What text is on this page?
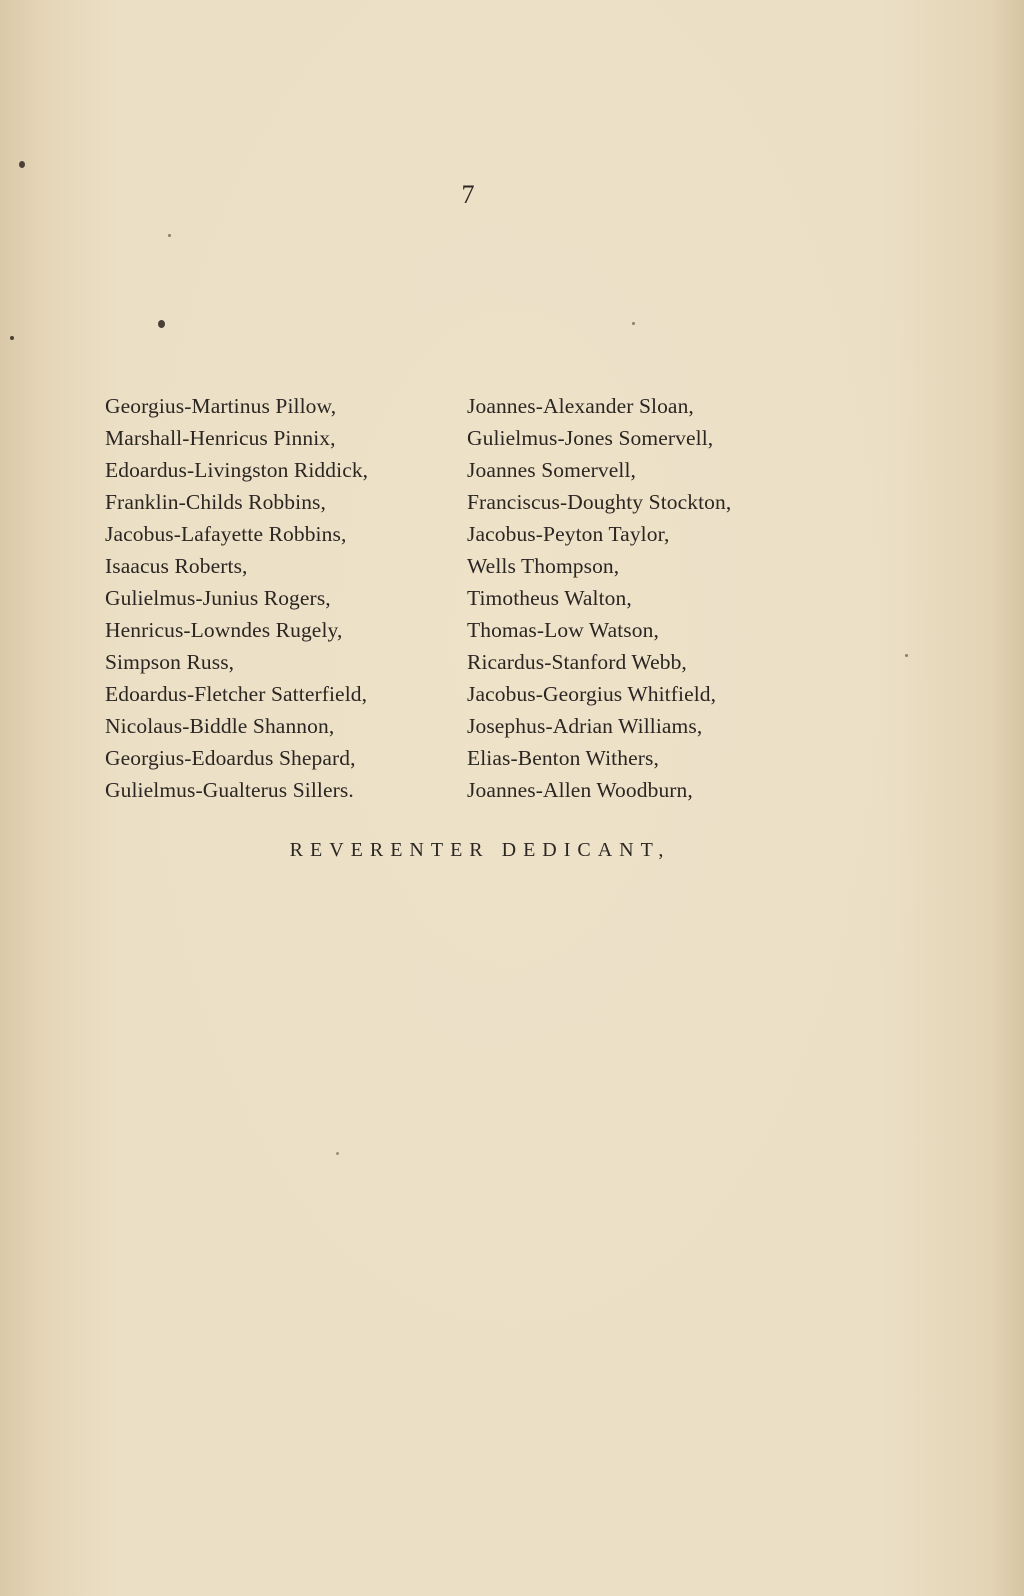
7
Georgius-Martinus Pillow,
Marshall-Henricus Pinnix,
Edoardus-Livingston Riddick,
Franklin-Childs Robbins,
Jacobus-Lafayette Robbins,
Isaacus Roberts,
Gulielmus-Junius Rogers,
Henricus-Lowndes Rugely,
Simpson Russ,
Edoardus-Fletcher Satterfield,
Nicolaus-Biddle Shannon,
Georgius-Edoardus Shepard,
Gulielmus-Gualterus Sillers.
Joannes-Alexander Sloan,
Gulielmus-Jones Somervell,
Joannes Somervell,
Franciscus-Doughty Stockton,
Jacobus-Peyton Taylor,
Wells Thompson,
Timotheus Walton,
Thomas-Low Watson,
Ricardus-Stanford Webb,
Jacobus-Georgius Whitfield,
Josephus-Adrian Williams,
Elias-Benton Withers,
Joannes-Allen Woodburn,
REVERENTER DEDICANT,
